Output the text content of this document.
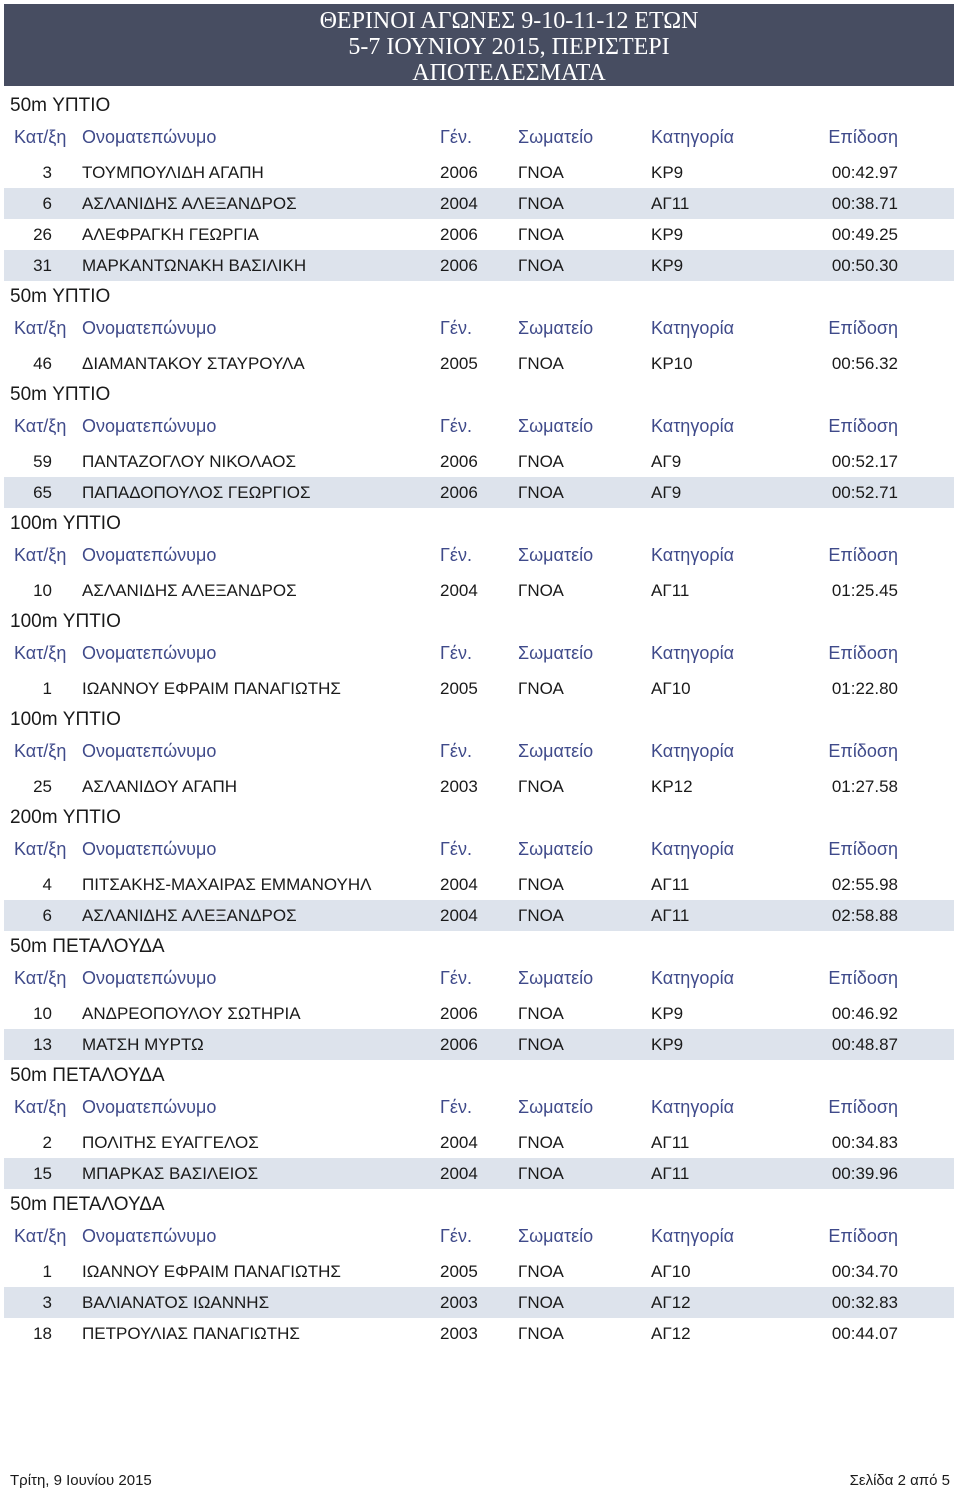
ΘΕΡΙΝΟΙ ΑΓΩΝΕΣ 9-10-11-12 ΕΤΩΝ
5-7 ΙΟΥΝΙΟΥ 2015, ΠΕΡΙΣΤΕΡΙ
ΑΠΟΤΕΛΕΣΜΑΤΑ
50m ΥΠΤΙΟ
Κατ/ξη Ονοματεπώνυμο	Γέν.	Σωματείο	Κατηγορία	Επίδοση
3 ΤΟΥΜΠΟΥΛΙΔΗ ΑΓΑΠΗ	2006 ΓΝΟΑ	ΚΡ9	00:42.97
6 ΑΣΛΑΝΙΔΗΣ ΑΛΕΞΑΝΔΡΟΣ	2004 ΓΝΟΑ	ΑΓ11	00:38.71
26 ΑΛΕΦΡΑΓΚΗ ΓΕΩΡΓΙΑ	2006 ΓΝΟΑ	ΚΡ9	00:49.25
31 ΜΑΡΚΑΝΤΩΝΑΚΗ ΒΑΣΙΛΙΚΗ	2006 ΓΝΟΑ	ΚΡ9	00:50.30
50m ΥΠΤΙΟ
Κατ/ξη Ονοματεπώνυμο	Γέν.	Σωματείο	Κατηγορία	Επίδοση
46 ΔΙΑΜΑΝΤΑΚΟΥ ΣΤΑΥΡΟΥΛΑ	2005 ΓΝΟΑ	ΚΡ10	00:56.32
50m ΥΠΤΙΟ
Κατ/ξη Ονοματεπώνυμο	Γέν.	Σωματείο	Κατηγορία	Επίδοση
59 ΠΑΝΤΑΖΟΓΛΟΥ ΝΙΚΟΛΑΟΣ	2006 ΓΝΟΑ	ΑΓ9	00:52.17
65 ΠΑΠΑΔΟΠΟΥΛΟΣ ΓΕΩΡΓΙΟΣ	2006 ΓΝΟΑ	ΑΓ9	00:52.71
100m ΥΠΤΙΟ
Κατ/ξη Ονοματεπώνυμο	Γέν.	Σωματείο	Κατηγορία	Επίδοση
10 ΑΣΛΑΝΙΔΗΣ ΑΛΕΞΑΝΔΡΟΣ	2004 ΓΝΟΑ	ΑΓ11	01:25.45
100m ΥΠΤΙΟ
Κατ/ξη Ονοματεπώνυμο	Γέν.	Σωματείο	Κατηγορία	Επίδοση
1 ΙΩΑΝΝΟΥ ΕΦΡΑΙΜ ΠΑΝΑΓΙΩΤΗΣ	2005 ΓΝΟΑ	ΑΓ10	01:22.80
100m ΥΠΤΙΟ
Κατ/ξη Ονοματεπώνυμο	Γέν.	Σωματείο	Κατηγορία	Επίδοση
25 ΑΣΛΑΝΙΔΟΥ ΑΓΑΠΗ	2003 ΓΝΟΑ	ΚΡ12	01:27.58
200m ΥΠΤΙΟ
Κατ/ξη Ονοματεπώνυμο	Γέν.	Σωματείο	Κατηγορία	Επίδοση
4 ΠΙΤΣΑΚΗΣ-ΜΑΧΑΙΡΑΣ ΕΜΜΑΝΟΥΗΛ	2004 ΓΝΟΑ	ΑΓ11	02:55.98
6 ΑΣΛΑΝΙΔΗΣ ΑΛΕΞΑΝΔΡΟΣ	2004 ΓΝΟΑ	ΑΓ11	02:58.88
50m ΠΕΤΑΛΟΥΔΑ
Κατ/ξη Ονοματεπώνυμο	Γέν.	Σωματείο	Κατηγορία	Επίδοση
10 ΑΝΔΡΕΟΠΟΥΛΟΥ ΣΩΤΗΡΙΑ	2006 ΓΝΟΑ	ΚΡ9	00:46.92
13 ΜΑΤΣΗ ΜΥΡΤΩ	2006 ΓΝΟΑ	ΚΡ9	00:48.87
50m ΠΕΤΑΛΟΥΔΑ
Κατ/ξη Ονοματεπώνυμο	Γέν.	Σωματείο	Κατηγορία	Επίδοση
2 ΠΟΛΙΤΗΣ ΕΥΑΓΓΕΛΟΣ	2004 ΓΝΟΑ	ΑΓ11	00:34.83
15 ΜΠΑΡΚΑΣ ΒΑΣΙΛΕΙΟΣ	2004 ΓΝΟΑ	ΑΓ11	00:39.96
50m ΠΕΤΑΛΟΥΔΑ
Κατ/ξη Ονοματεπώνυμο	Γέν.	Σωματείο	Κατηγορία	Επίδοση
1 ΙΩΑΝΝΟΥ ΕΦΡΑΙΜ ΠΑΝΑΓΙΩΤΗΣ	2005 ΓΝΟΑ	ΑΓ10	00:34.70
3 ΒΑΛΙΑΝΑΤΟΣ ΙΩΑΝΝΗΣ	2003 ΓΝΟΑ	ΑΓ12	00:32.83
18 ΠΕΤΡΟΥΛΙΑΣ ΠΑΝΑΓΙΩΤΗΣ	2003 ΓΝΟΑ	ΑΓ12	00:44.07
Τρίτη, 9 Ιουνίου 2015	Σελίδα 2 από 5
